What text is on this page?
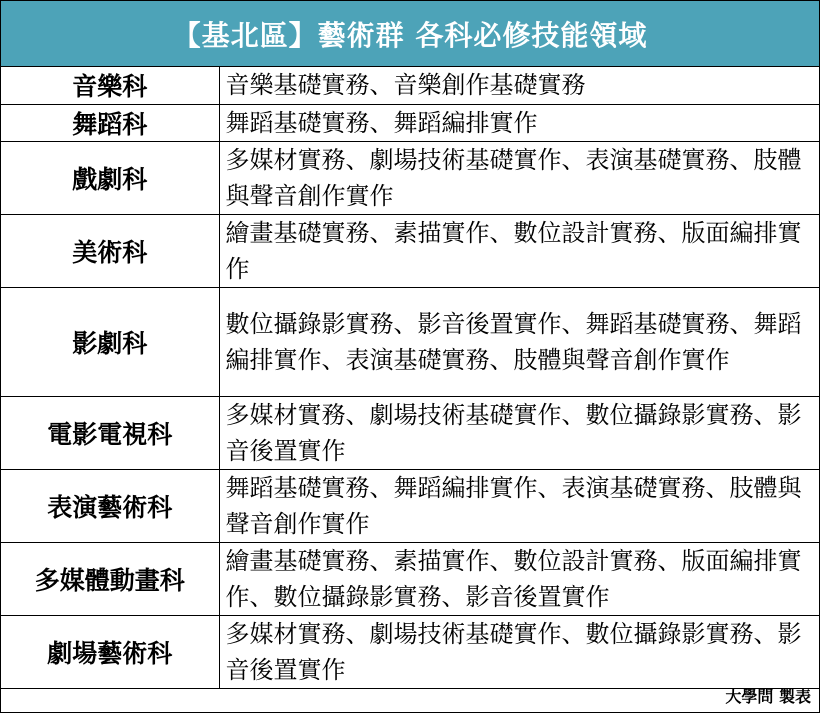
【基北區】藝術群 各科必修技能領域
音樂科	音樂基礎實務、音樂創作基礎實務
舞蹈科	舞蹈基礎實務、舞蹈編排實作
戲劇科	多媒材實務、劇場技術基礎實作、表演基礎實務、肢體與聲音創作實作
美術科	繪畫基礎實務、素描實作、數位設計實務、版面編排實作
影劇科	數位攝錄影實務、影音後置實作、舞蹈基礎實務、舞蹈編排實作、表演基礎實務、肢體與聲音創作實作
電影電視科	多媒材實務、劇場技術基礎實作、數位攝錄影實務、影音後置實作
表演藝術科	舞蹈基礎實務、舞蹈編排實作、表演基礎實務、肢體與聲音創作實作
多媒體動畫科	繪畫基礎實務、素描實作、數位設計實務、版面編排實作、數位攝錄影實務、影音後置實作
劇場藝術科	多媒材實務、劇場技術基礎實作、數位攝錄影實務、影音後置實作
大學問 製表
